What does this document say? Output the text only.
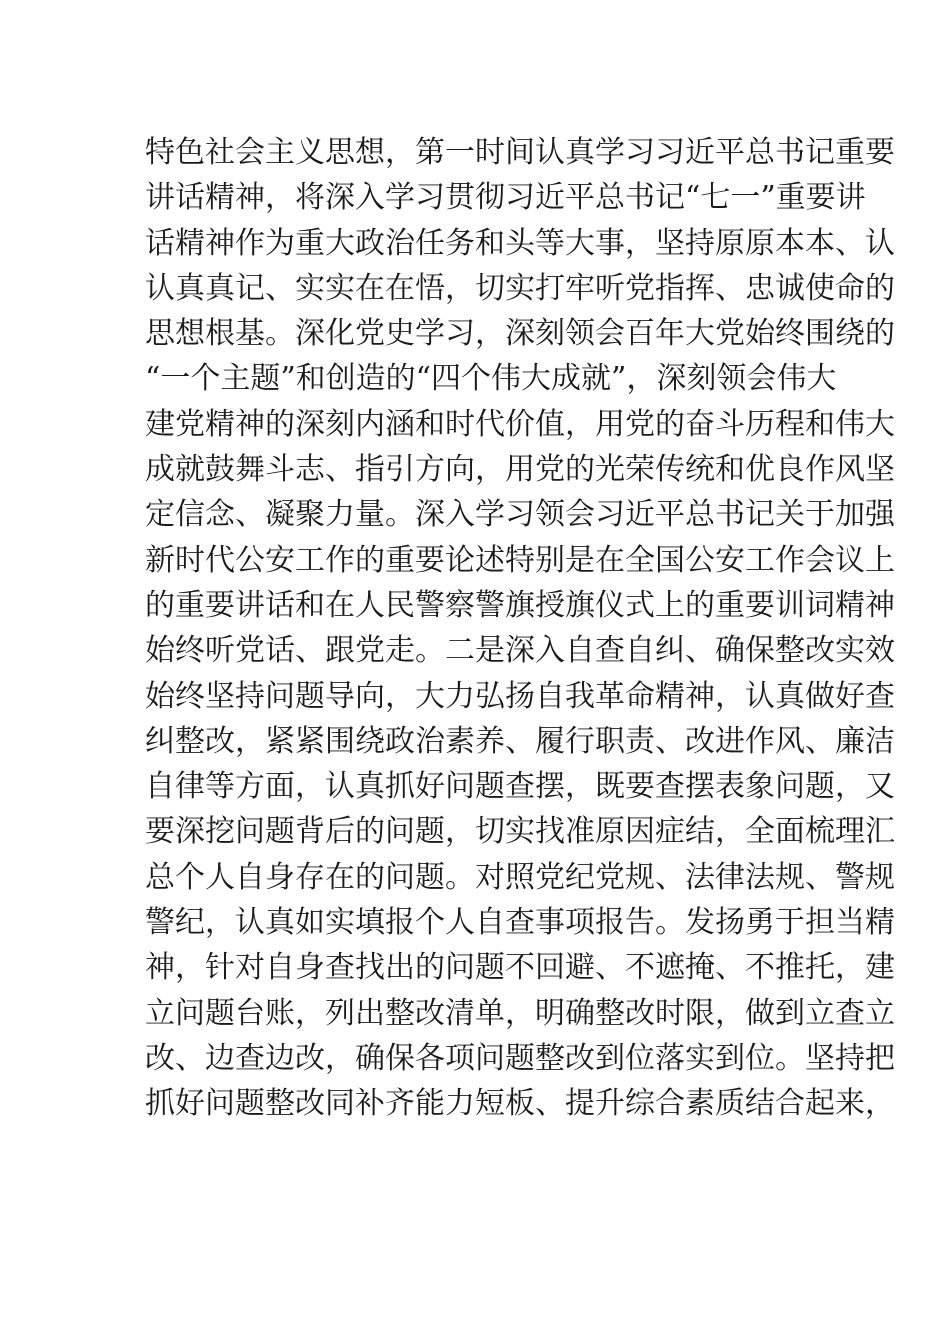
特色社会主义思想，第一时间认真学习习近平总书记重要
讲话精神，将深入学习贯彻习近平总书记“七一”重要讲
话精神作为重大政治任务和头等大事，坚持原原本本、认
认真真记、实实在在悟，切实打牢听党指挥、忠诚使命的
思想根基。深化党史学习，深刻领会百年大党始终围绕的
“一个主题”和创造的“四个伟大成就”，深刻领会伟大
建党精神的深刻内涵和时代价值，用党的奋斗历程和伟大
成就鼓舞斗志、指引方向，用党的光荣传统和优良作风坚
定信念、凝聚力量。深入学习领会习近平总书记关于加强
新时代公安工作的重要论述特别是在全国公安工作会议上
的重要讲话和在人民警察警旗授旗仪式上的重要训词精神
始终听党话、跟党走。二是深入自查自纠、确保整改实效
始终坚持问题导向，大力弘扬自我革命精神，认真做好查
纠整改，紧紧围绕政治素养、履行职责、改进作风、廉洁
自律等方面，认真抓好问题查摆，既要查摆表象问题，又
要深挖问题背后的问题，切实找准原因症结，全面梳理汇
总个人自身存在的问题。对照党纪党规、法律法规、警规
警纪，认真如实填报个人自查事项报告。发扬勇于担当精
神，针对自身查找出的问题不回避、不遮掩、不推托，建
立问题台账，列出整改清单，明确整改时限，做到立查立
改、边查边改，确保各项问题整改到位落实到位。坚持把
抓好问题整改同补齐能力短板、提升综合素质结合起来，
